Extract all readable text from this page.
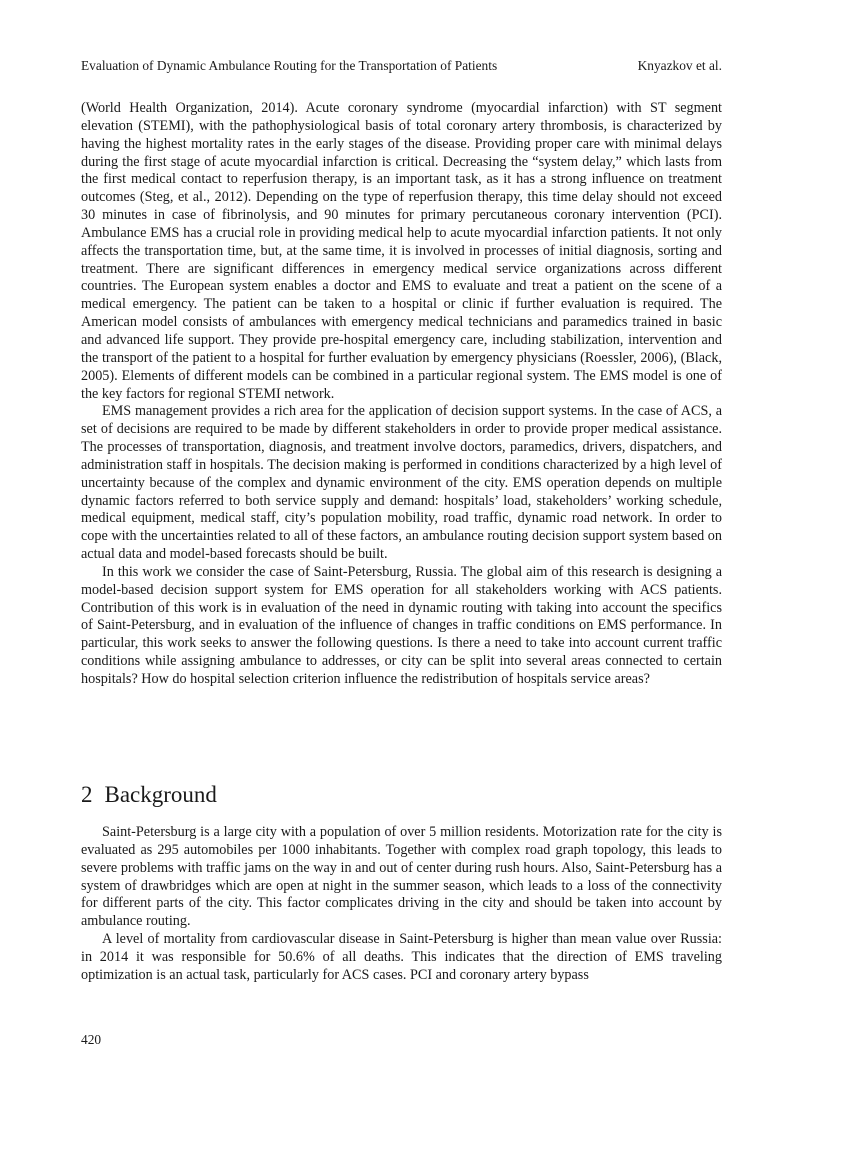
Evaluation of Dynamic Ambulance Routing for the Transportation of Patients	Knyazkov et al.

(World Health Organization, 2014). Acute coronary syndrome (myocardial infarction) with ST segment elevation (STEMI), with the pathophysiological basis of total coronary artery thrombosis, is characterized by having the highest mortality rates in the early stages of the disease. Providing proper care with minimal delays during the first stage of acute myocardial infarction is critical. Decreasing the “system delay,” which lasts from the first medical contact to reperfusion therapy, is an important task, as it has a strong influence on treatment outcomes (Steg, et al., 2012). Depending on the type of reperfusion therapy, this time delay should not exceed 30 minutes in case of fibrinolysis, and 90 minutes for primary percutaneous coronary intervention (PCI). Ambulance EMS has a crucial role in providing medical help to acute myocardial infarction patients. It not only affects the transportation time, but, at the same time, it is involved in processes of initial diagnosis, sorting and treatment. There are significant differences in emergency medical service organizations across different countries. The European system enables a doctor and EMS to evaluate and treat a patient on the scene of a medical emergency. The patient can be taken to a hospital or clinic if further evaluation is required. The American model consists of ambulances with emergency medical technicians and paramedics trained in basic and advanced life support. They provide pre-hospital emergency care, including stabilization, intervention and the transport of the patient to a hospital for further evaluation by emergency physicians (Roessler, 2006), (Black, 2005). Elements of different models can be combined in a particular regional system. The EMS model is one of the key factors for regional STEMI network.

EMS management provides a rich area for the application of decision support systems. In the case of ACS, a set of decisions are required to be made by different stakeholders in order to provide proper medical assistance. The processes of transportation, diagnosis, and treatment involve doctors, paramedics, drivers, dispatchers, and administration staff in hospitals. The decision making is performed in conditions characterized by a high level of uncertainty because of the complex and dynamic environment of the city. EMS operation depends on multiple dynamic factors referred to both service supply and demand: hospitals’ load, stakeholders’ working schedule, medical equipment, medical staff, city’s population mobility, road traffic, dynamic road network. In order to cope with the uncertainties related to all of these factors, an ambulance routing decision support system based on actual data and model-based forecasts should be built.

In this work we consider the case of Saint-Petersburg, Russia. The global aim of this research is designing a model-based decision support system for EMS operation for all stakeholders working with ACS patients. Contribution of this work is in evaluation of the need in dynamic routing with taking into account the specifics of Saint-Petersburg, and in evaluation of the influence of changes in traffic conditions on EMS performance. In particular, this work seeks to answer the following questions. Is there a need to take into account current traffic conditions while assigning ambulance to addresses, or city can be split into several areas connected to certain hospitals? How do hospital selection criterion influence the redistribution of hospitals service areas?

2 Background

Saint-Petersburg is a large city with a population of over 5 million residents. Motorization rate for the city is evaluated as 295 automobiles per 1000 inhabitants. Together with complex road graph topology, this leads to severe problems with traffic jams on the way in and out of center during rush hours. Also, Saint-Petersburg has a system of drawbridges which are open at night in the summer season, which leads to a loss of the connectivity for different parts of the city. This factor complicates driving in the city and should be taken into account by ambulance routing.

A level of mortality from cardiovascular disease in Saint-Petersburg is higher than mean value over Russia: in 2014 it was responsible for 50.6% of all deaths. This indicates that the direction of EMS traveling optimization is an actual task, particularly for ACS cases. PCI and coronary artery bypass

420
